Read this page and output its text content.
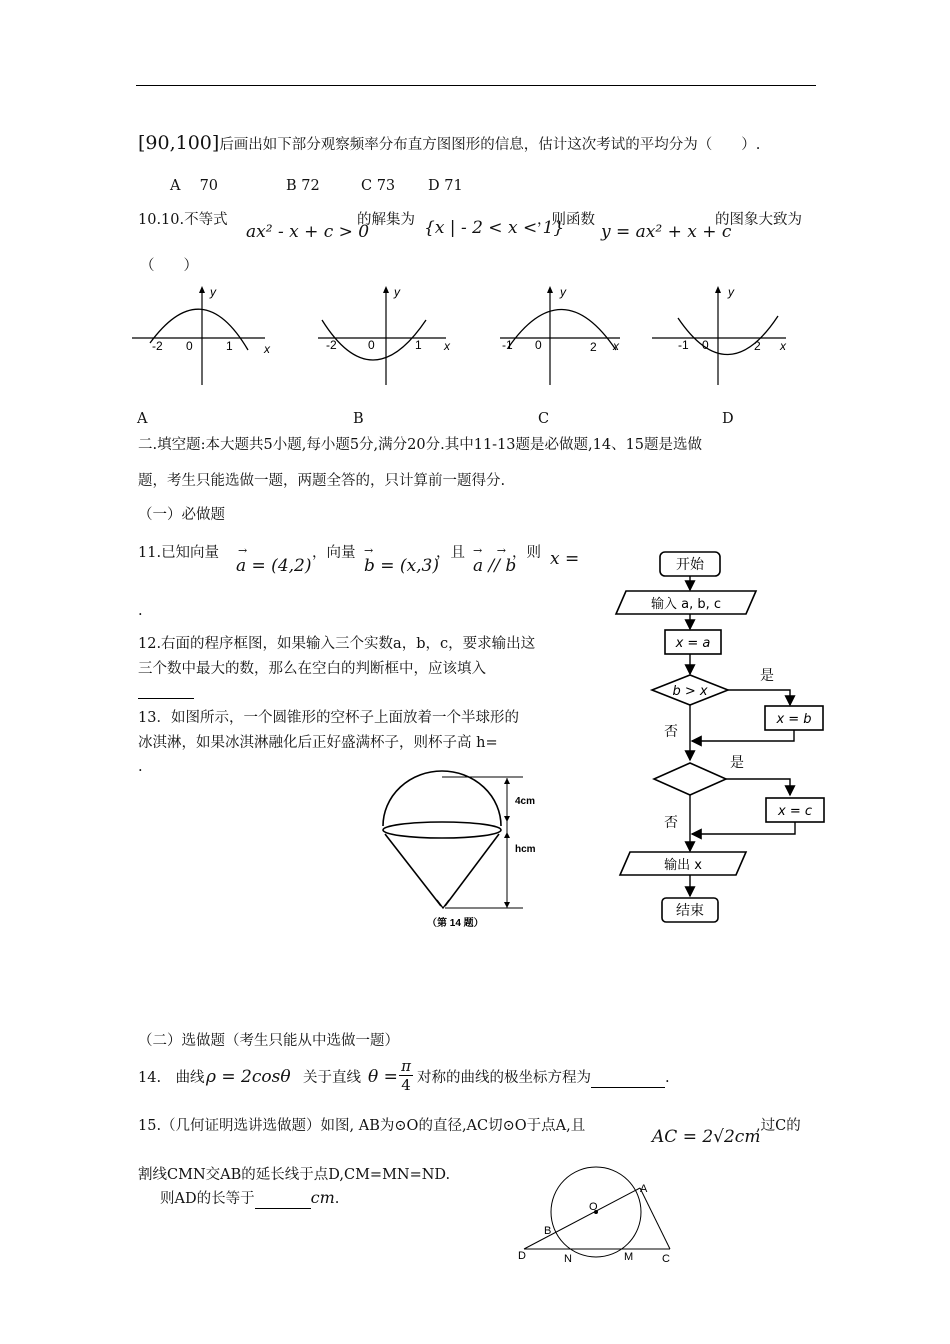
[90,100]后画出如下部分观察频率分布直方图图形的信息，估计这次考试的平均分为（　　）.
A　 70	B 72	C 73 D 71
10.10.不等式
ax² - x + c > 0
的解集为 {x | - 2 < x < 1}
，则函数
y = ax² + x + c
的图象大致为
（　　）
y
x
-2 0	1
y
x
-2	0	1
y
x
-1 0	2
y
x
-1 0	2
A	B	C	D
二.填空题:本大题共5小题,每小题5分,满分20分.其中11-13题是必做题,14、15题是选做
题，考生只能选做一题，两题全答的，只计算前一题得分.
（一）必做题
11.已知向量 →
a = (4,2)
，向量 →
b = (x,3)
，且 →　 →
a // b
，则 x =
.
12.右面的程序框图，如果输入三个实数a，b，c，要求输出这
三个数中最大的数，那么在空白的判断框中，应该填入
13．如图所示，一个圆锥形的空杯子上面放着一个半球形的
冰淇淋，如果冰淇淋融化后正好盛满杯子，则杯子高 h=
.
4cm
hcm
（第 14 题）
开始
输入 a, b, c
x = a
b > x
是
x = b
否
是
x = c
否
输出 x
结束
（二）选做题（考生只能从中选做一题）
14.　 曲线 ρ = 2cosθ 关于直线 θ =
π
4 对称的曲线的极坐标方程为	.
15.（几何证明选讲选做题）如图, AB为⊙O的直径,AC切⊙O于点A,且
AC = 2√2cm
,过C的
割线CMN交AB的延长线于点D,CM=MN=ND.
则AD的长等于	cm.
A
B
O
D	N	M	C
